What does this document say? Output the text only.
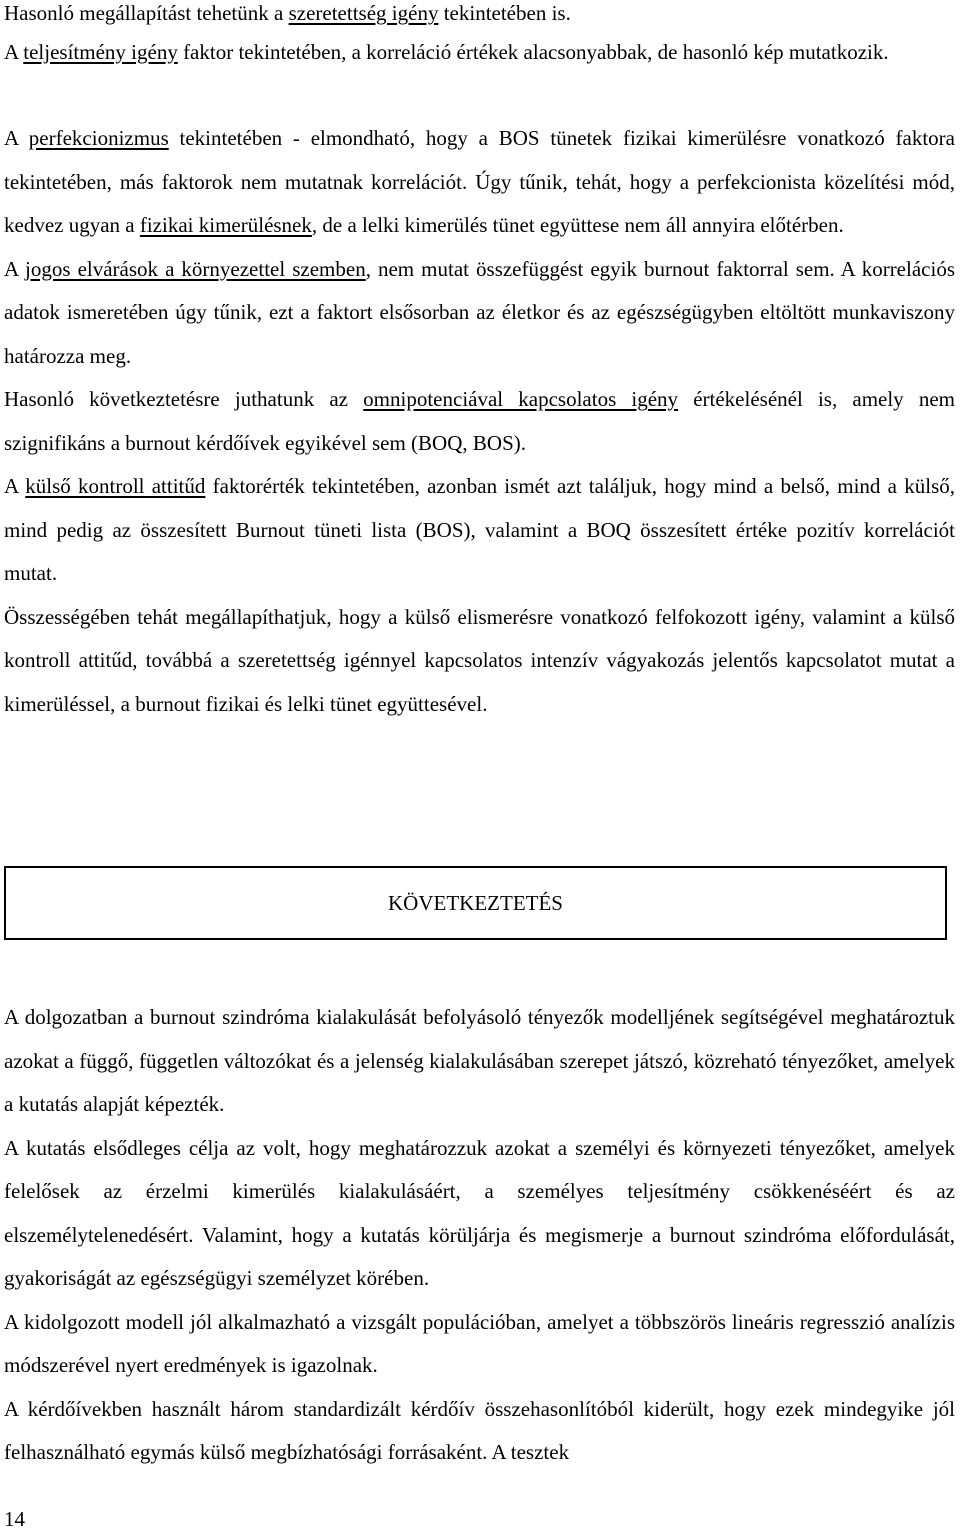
Hasonló megállapítást tehetünk a szeretettség igény tekintetében is.

A teljesítmény igény faktor tekintetében, a korreláció értékek alacsonyabbak, de hasonló kép mutatkozik.

A perfekcionizmus tekintetében - elmondható, hogy a BOS tünetek fizikai kimerülésre vonatkozó faktora tekintetében, más faktorok nem mutatnak korrelációt. Úgy tűnik, tehát, hogy a perfekcionista közelítési mód, kedvez ugyan a fizikai kimerülésnek, de a lelki kimerülés tünet együttese nem áll annyira előtérben.

A jogos elvárások a környezettel szemben, nem mutat összefüggést egyik burnout faktorral sem. A korrelációs adatok ismeretében úgy tűnik, ezt a faktort elsősorban az életkor és az egészségügyben eltöltött munkaviszony határozza meg.

Hasonló következtetésre juthatunk az omnipotenciával kapcsolatos igény értékelésénél is, amely nem szignifikáns a burnout kérdőívek egyikével sem (BOQ, BOS).

A külső kontroll attitűd faktorérték tekintetében, azonban ismét azt találjuk, hogy mind a belső, mind a külső, mind pedig az összesített Burnout tüneti lista (BOS), valamint a BOQ összesített értéke pozitív korrelációt mutat.

Összességében tehát megállapíthatjuk, hogy a külső elismerésre vonatkozó felfokozott igény, valamint a külső kontroll attitűd, továbbá a szeretettség igénnyel kapcsolatos intenzív vágyakozás jelentős kapcsolatot mutat a kimerüléssel, a burnout fizikai és lelki tünet együttesével.

KÖVETKEZTETÉS

A dolgozatban a burnout szindróma kialakulását befolyásoló tényezők modelljének segítségével meghatároztuk azokat a függő, független változókat és a jelenség kialakulásában szerepet játszó, közreható tényezőket, amelyek a kutatás alapját képezték.

A kutatás elsődleges célja az volt, hogy meghatározzuk azokat a személyi és környezeti tényezőket, amelyek felelősek az érzelmi kimerülés kialakulásáért, a személyes teljesítmény csökkenéséért és az elszemélytelenedésért. Valamint, hogy a kutatás körüljárja és megismerje a burnout szindróma előfordulását, gyakoriságát az egészségügyi személyzet körében.

A kidolgozott modell jól alkalmazható a vizsgált populációban, amelyet a többszörös lineáris regresszió analízis módszerével nyert eredmények is igazolnak.

A kérdőívekben használt három standardizált kérdőív összehasonlítóból kiderült, hogy ezek mindegyike jól felhasználható egymás külső megbízhatósági forrásaként. A tesztek

14
